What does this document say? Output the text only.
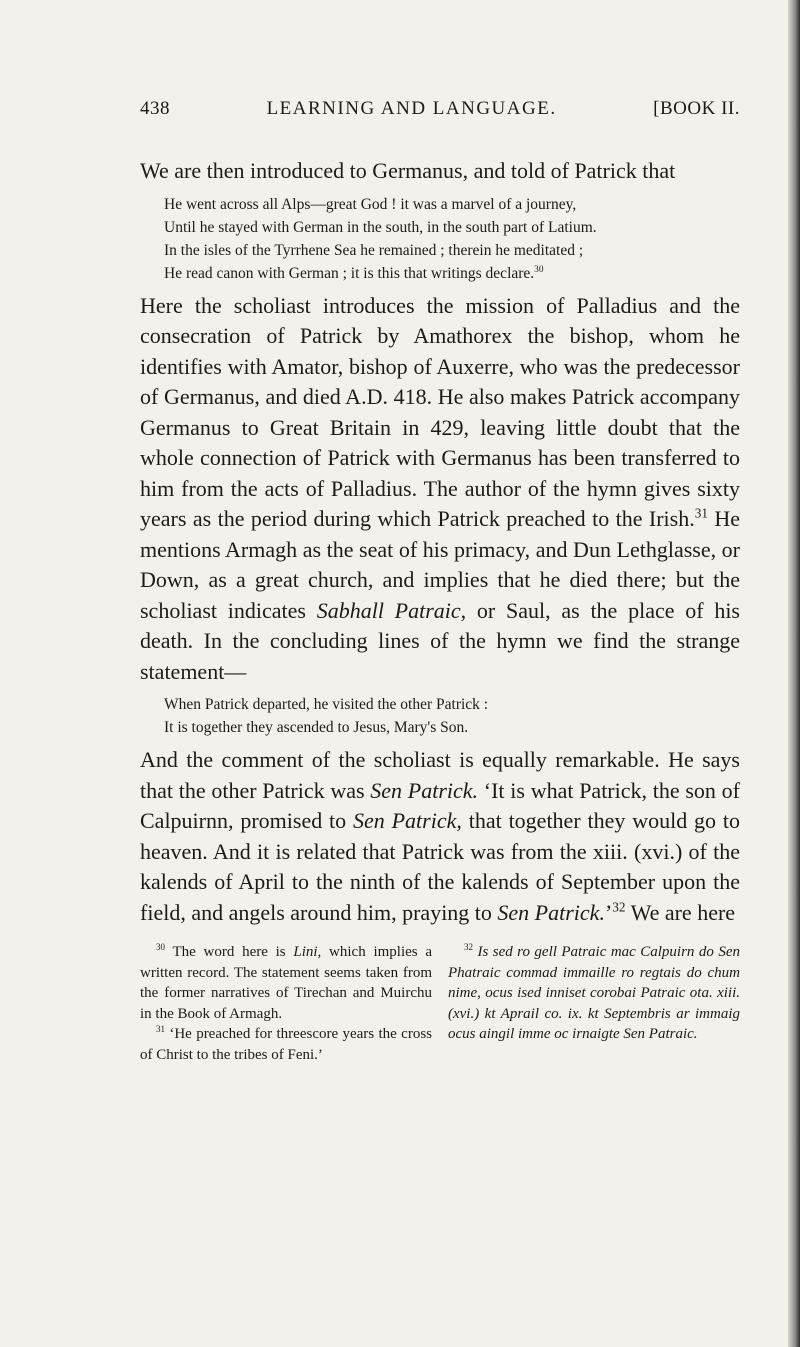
438	LEARNING AND LANGUAGE.	[BOOK II.

We are then introduced to Germanus, and told of Patrick that

He went across all Alps—great God ! it was a marvel of a journey,
Until he stayed with German in the south, in the south part of Latium.
In the isles of the Tyrrhene Sea he remained ; therein he meditated ;
He read canon with German ; it is this that writings declare.$^{30}$

Here the scholiast introduces the mission of Palladius and the consecration of Patrick by Amathorex the bishop, whom he identifies with Amator, bishop of Auxerre, who was the predecessor of Germanus, and died A.D. 418. He also makes Patrick accompany Germanus to Great Britain in 429, leaving little doubt that the whole connection of Patrick with Germanus has been transferred to him from the acts of Palladius. The author of the hymn gives sixty years as the period during which Patrick preached to the Irish.$^{31}$ He mentions Armagh as the seat of his primacy, and Dun Lethglasse, or Down, as a great church, and implies that he died there; but the scholiast indicates Sabhall Patraic, or Saul, as the place of his death. In the concluding lines of the hymn we find the strange statement—

When Patrick departed, he visited the other Patrick :
It is together they ascended to Jesus, Mary's Son.

And the comment of the scholiast is equally remarkable. He says that the other Patrick was Sen Patrick. ‘It is what Patrick, the son of Calpuirnn, promised to Sen Patrick, that together they would go to heaven. And it is related that Patrick was from the xiii. (xvi.) of the kalends of April to the ninth of the kalends of September upon the field, and angels around him, praying to Sen Patrick.’$^{32}$ We are here

$^{30}$ The word here is Lini, which implies a written record. The statement seems taken from the former narratives of Tirechan and Muirchu in the Book of Armagh.

$^{31}$ ‘He preached for threescore years the cross of Christ to the tribes of Feni.’

$^{32}$ Is sed ro gell Patraic mac Calpuirn do Sen Phatraic commad immaille ro regtais do chum nime, ocus ised inniset corobai Patraic ota. xiii. (xvi.) kt Aprail co. ix. kt Septembris ar immaig ocus aingil imme oc irnaigte Sen Patraic.
